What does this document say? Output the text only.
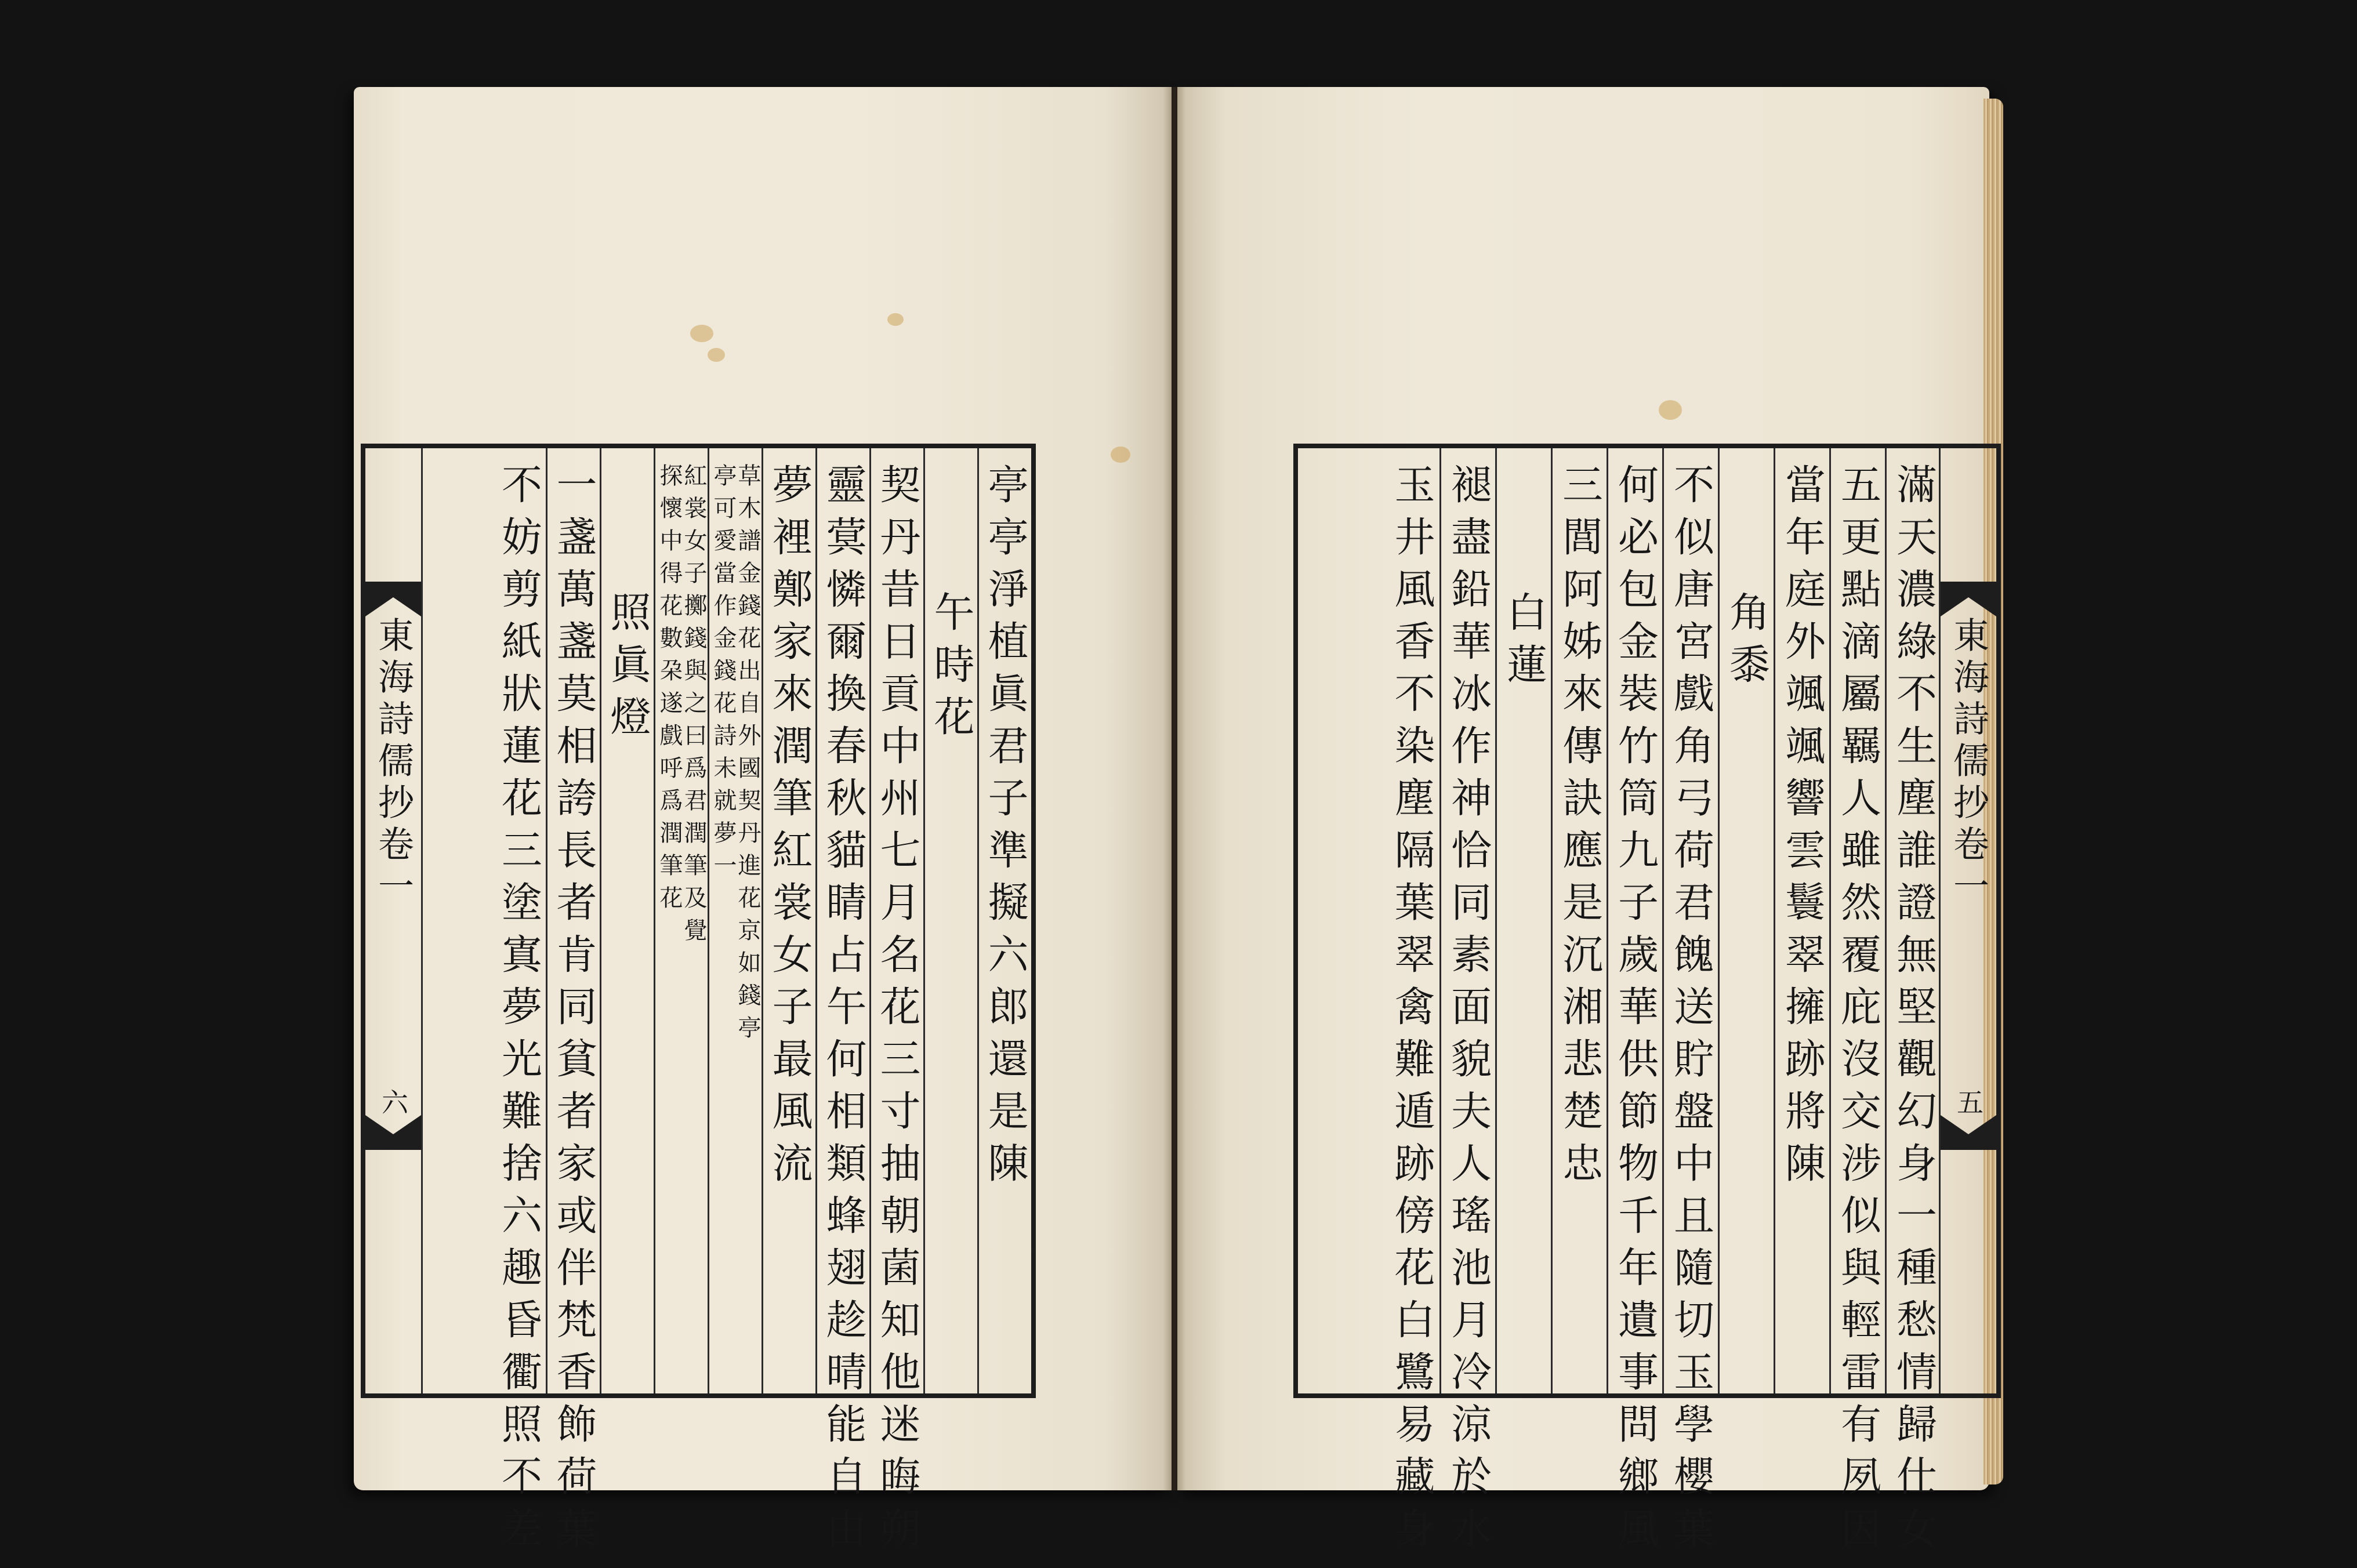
東海詩儒抄卷一
六	亭亭淨植眞君子準擬六郎還是陳
午時花
契丹昔日貢中州七月名花三寸抽朝菌知他迷晦朔
靈蓂憐爾換春秋貓睛占午何相類蜂翅趁晴能自由
夢裡鄭家來潤筆紅裳女子最風流
草木譜金錢花出自外國契丹進花京如錢亭
亭可愛當作金錢花詩未就夢一
紅裳女子擲錢與之曰爲君潤筆及覺
探懷中得花數朶遂戲呼爲潤筆花
照眞燈
一盞萬盞莫相誇長者肯同貧者家或伴梵香飾荷葉
不妨剪紙狀蓮花三塗寘夢光難捨六趣昏衢照不差	東海詩儒抄卷一
五
滿天濃綠不生塵誰證無堅觀幻身一種愁情歸仕女
五更點滴屬羈人雖然覆庇沒交涉似與輕雷有夙因
當年庭外颯颯響雲鬟翠擁跡將陳
角黍
不似唐宮戲角弓荷君餽送貯盤中且隨切玉學櫻葉
何必包金裝竹筒九子歲華供節物千年遺事問鄉風
三閭阿姊來傳訣應是沉湘悲楚忠
白蓮
褪盡鉛華冰作神恰同素面貌夫人瑤池月冷涼於水
玉井風香不染塵隔葉翠禽難遁跡傍花白鷺易藏身
